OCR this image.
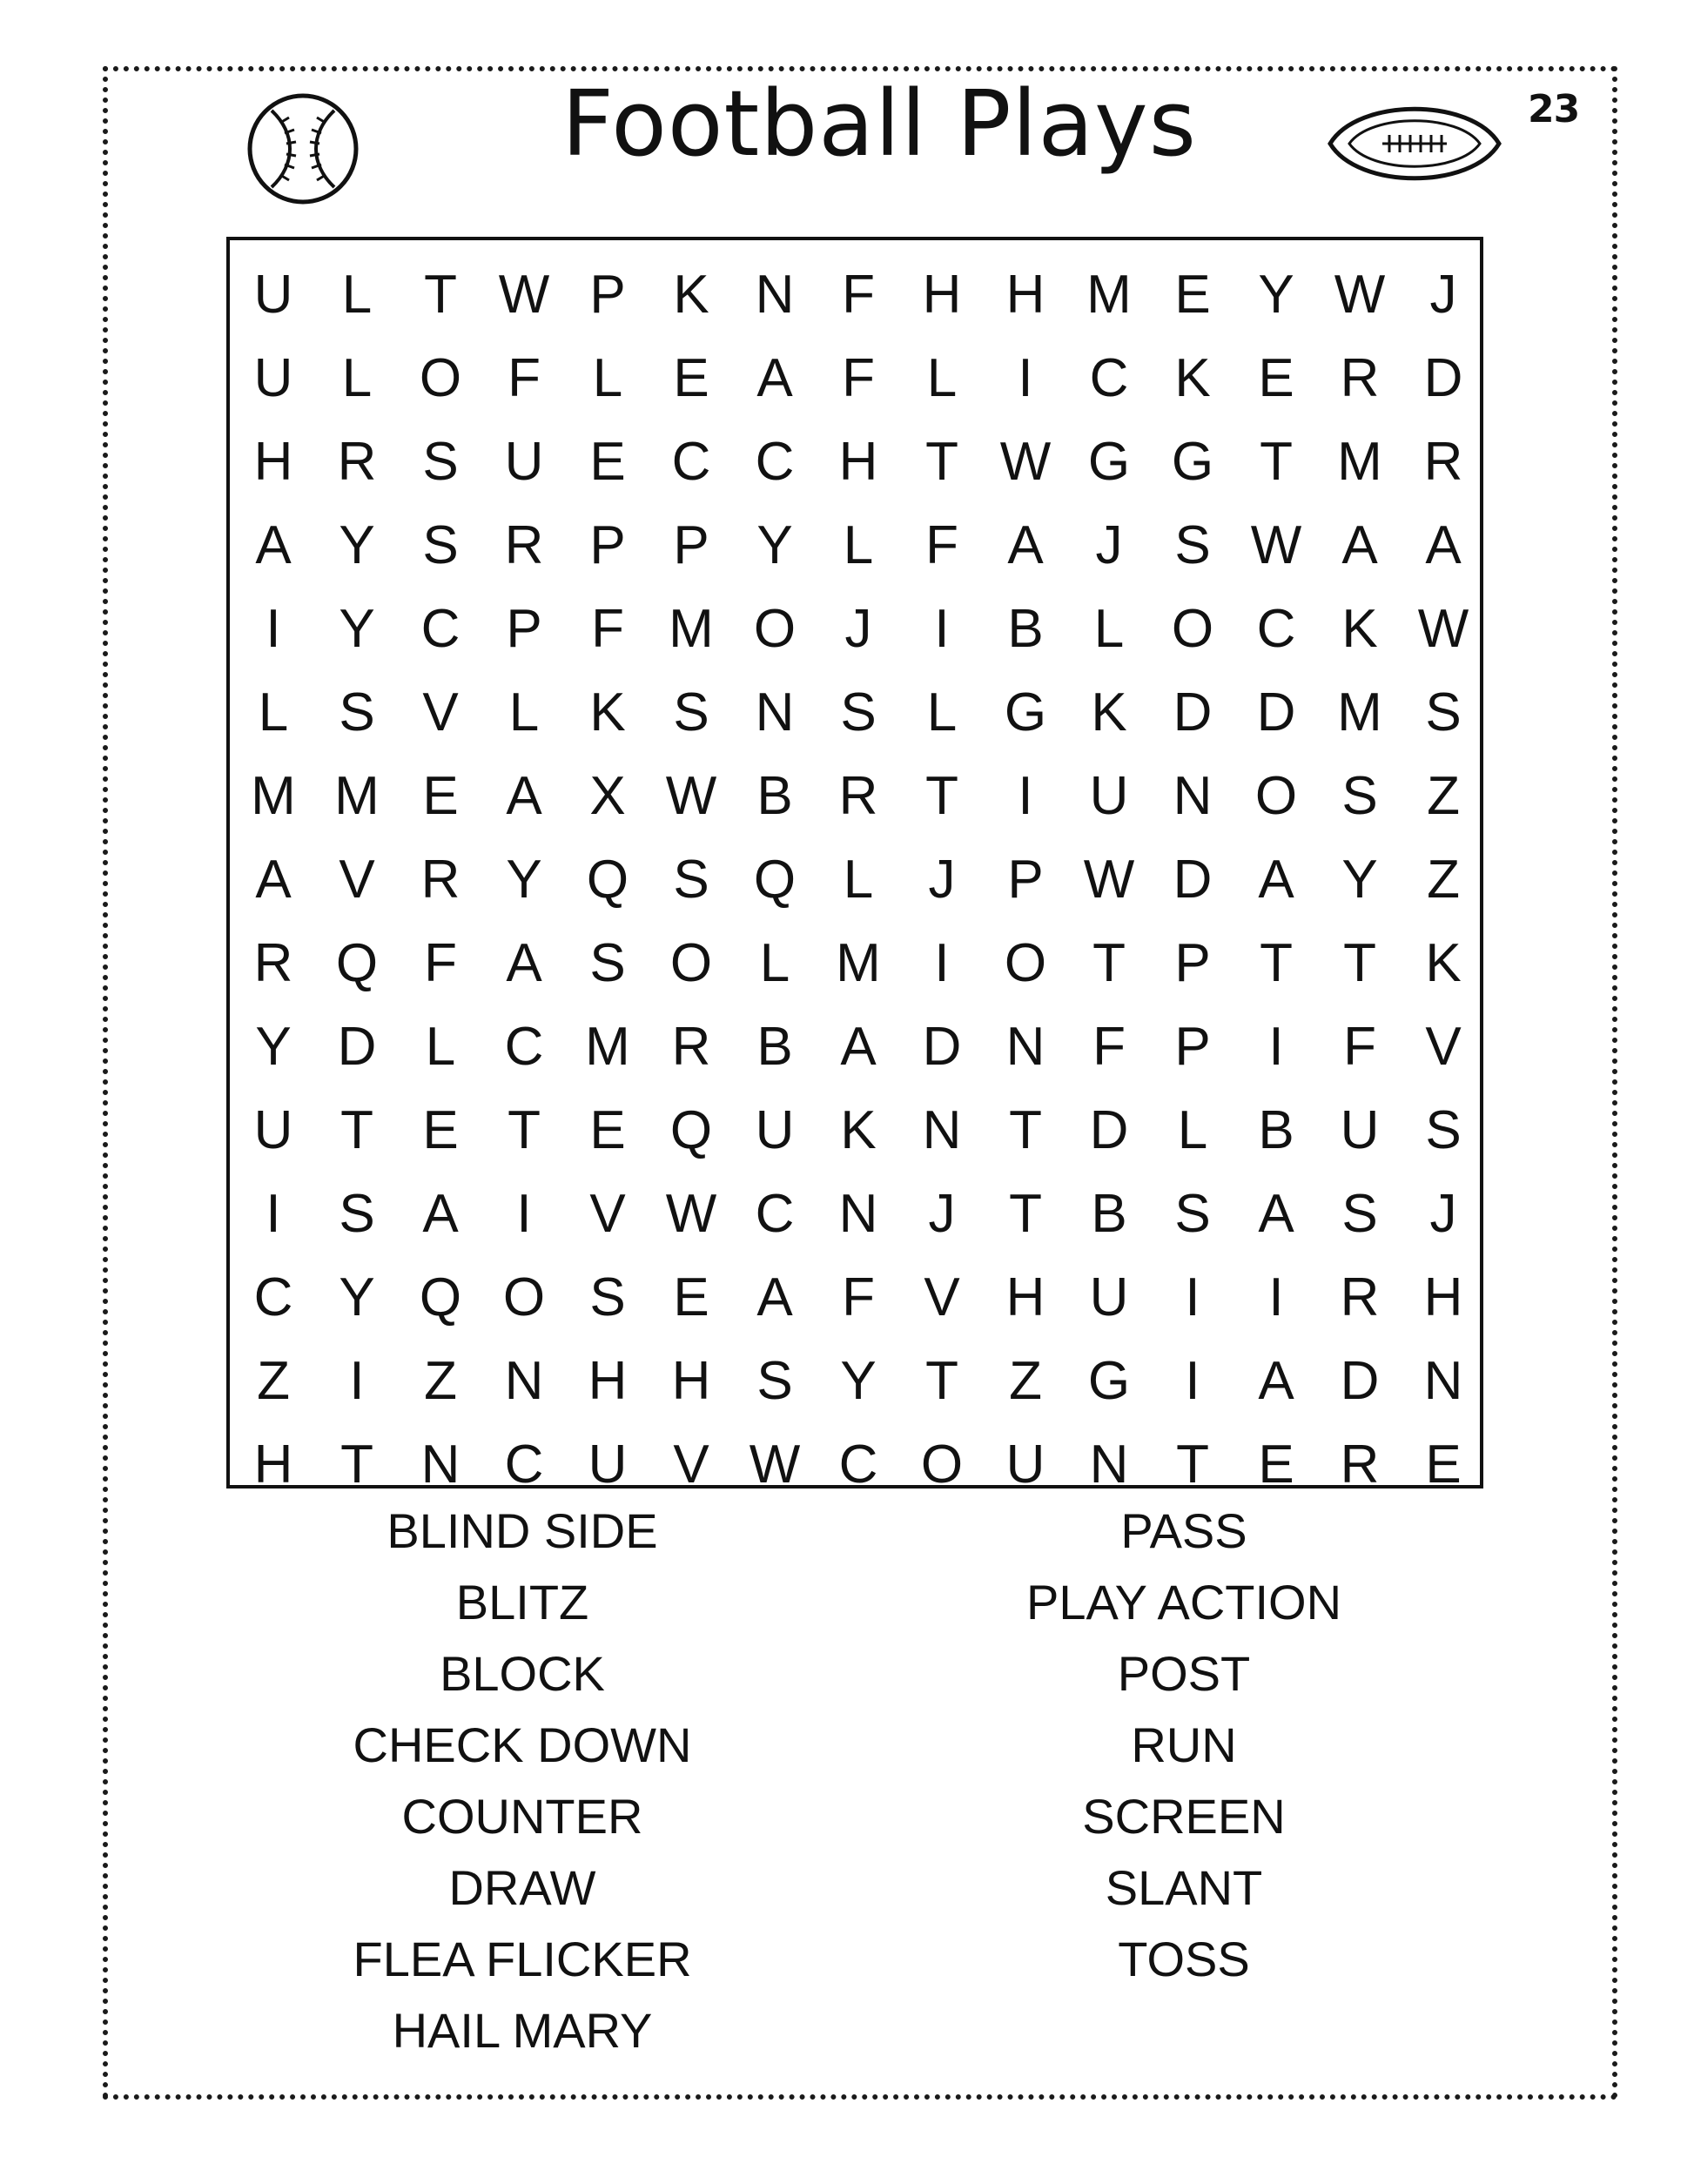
23
Football Plays
U L T W P K N F H H M E Y W J
U L O F L E A F L	I	C K E R D
H R S U E C C H T W G G T M R
A Y S R P P Y L F A J S W A A
I	Y C P F M O J	I	B L O C K W
L S V L K S N S L G K D D M S
M M E A X W B R T	I	U N O S Z
A V R Y Q S Q L	J P W D A Y Z
R Q F A S O L M I	O T P T T K
Y D L C M R B A D N F P	I	F V
U T E T E Q U K N T D L B U S
I	S A	I	V W C N J T B S A S J
C Y Q O S E A F V H U	I	I	R H
Z	I	Z N H H S Y T Z G	I	A D N
H T N C U V W C O U N T E R E
BLIND SIDE
BLITZ
BLOCK
CHECK DOWN
COUNTER
DRAW
FLEA FLICKER
HAIL MARY
PASS
PLAY ACTION
POST
RUN
SCREEN
SLANT
TOSS
